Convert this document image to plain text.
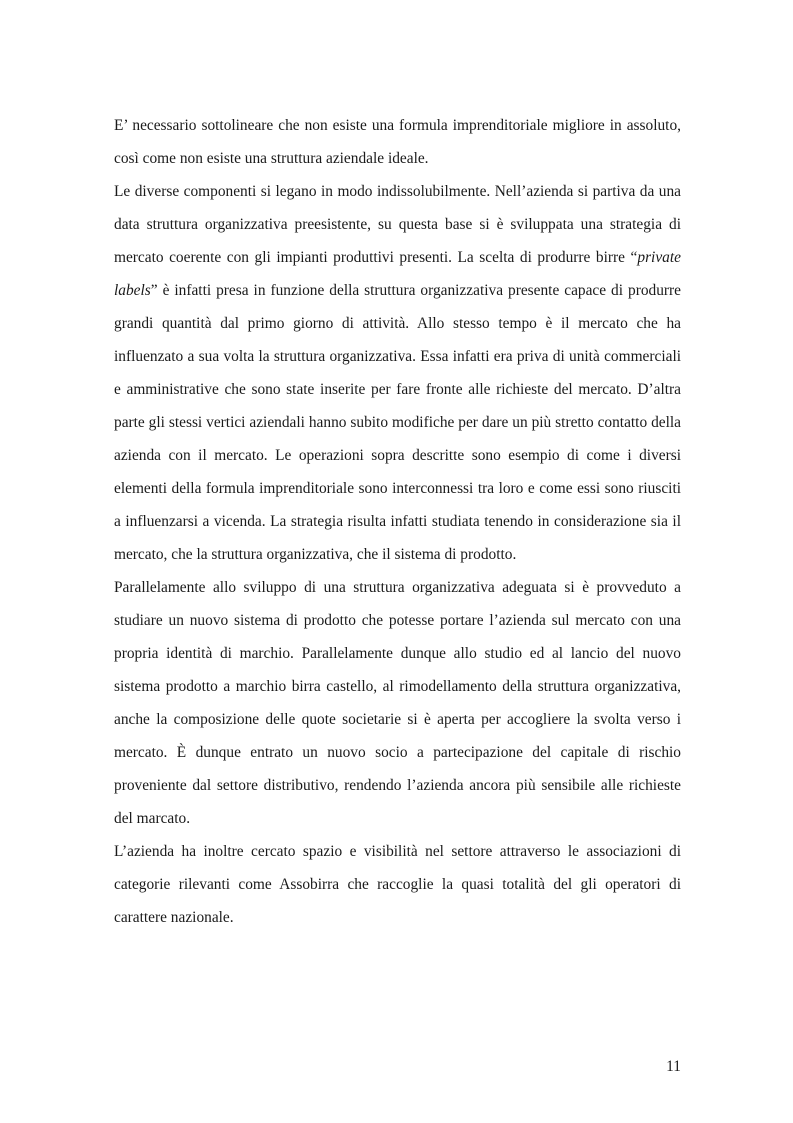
E’ necessario sottolineare che non esiste una formula imprenditoriale migliore in assoluto, così come non esiste una struttura aziendale ideale.

Le diverse componenti si legano in modo indissolubilmente. Nell’azienda si partiva da una data struttura organizzativa preesistente, su questa base si è sviluppata una strategia di mercato coerente con gli impianti produttivi presenti. La scelta di produrre birre “private labels” è infatti presa in funzione della struttura organizzativa presente capace di produrre grandi quantità dal primo giorno di attività. Allo stesso tempo è il mercato che ha influenzato a sua volta la struttura organizzativa. Essa infatti era priva di unità commerciali e amministrative che sono state inserite per fare fronte alle richieste del mercato. D’altra parte gli stessi vertici aziendali hanno subito modifiche per dare un più stretto contatto della azienda con il mercato. Le operazioni sopra descritte sono esempio di come i diversi elementi della formula imprenditoriale sono interconnessi tra loro e come essi sono riusciti a influenzarsi a vicenda. La strategia risulta infatti studiata tenendo in considerazione sia il mercato, che la struttura organizzativa, che il sistema di prodotto.

Parallelamente allo sviluppo di una struttura organizzativa adeguata si è provveduto a studiare un nuovo sistema di prodotto che potesse portare l’azienda sul mercato con una propria identità di marchio. Parallelamente dunque allo studio ed al lancio del nuovo sistema prodotto a marchio birra castello, al rimodellamento della struttura organizzativa, anche la composizione delle quote societarie si è aperta per accogliere la svolta verso i mercato. È dunque entrato un nuovo socio a partecipazione del capitale di rischio proveniente dal settore distributivo, rendendo l’azienda ancora più sensibile alle richieste del marcato.

L’azienda ha inoltre cercato spazio e visibilità nel settore attraverso le associazioni di categorie rilevanti come Assobirra che raccoglie la quasi totalità del gli operatori di carattere nazionale.

11
